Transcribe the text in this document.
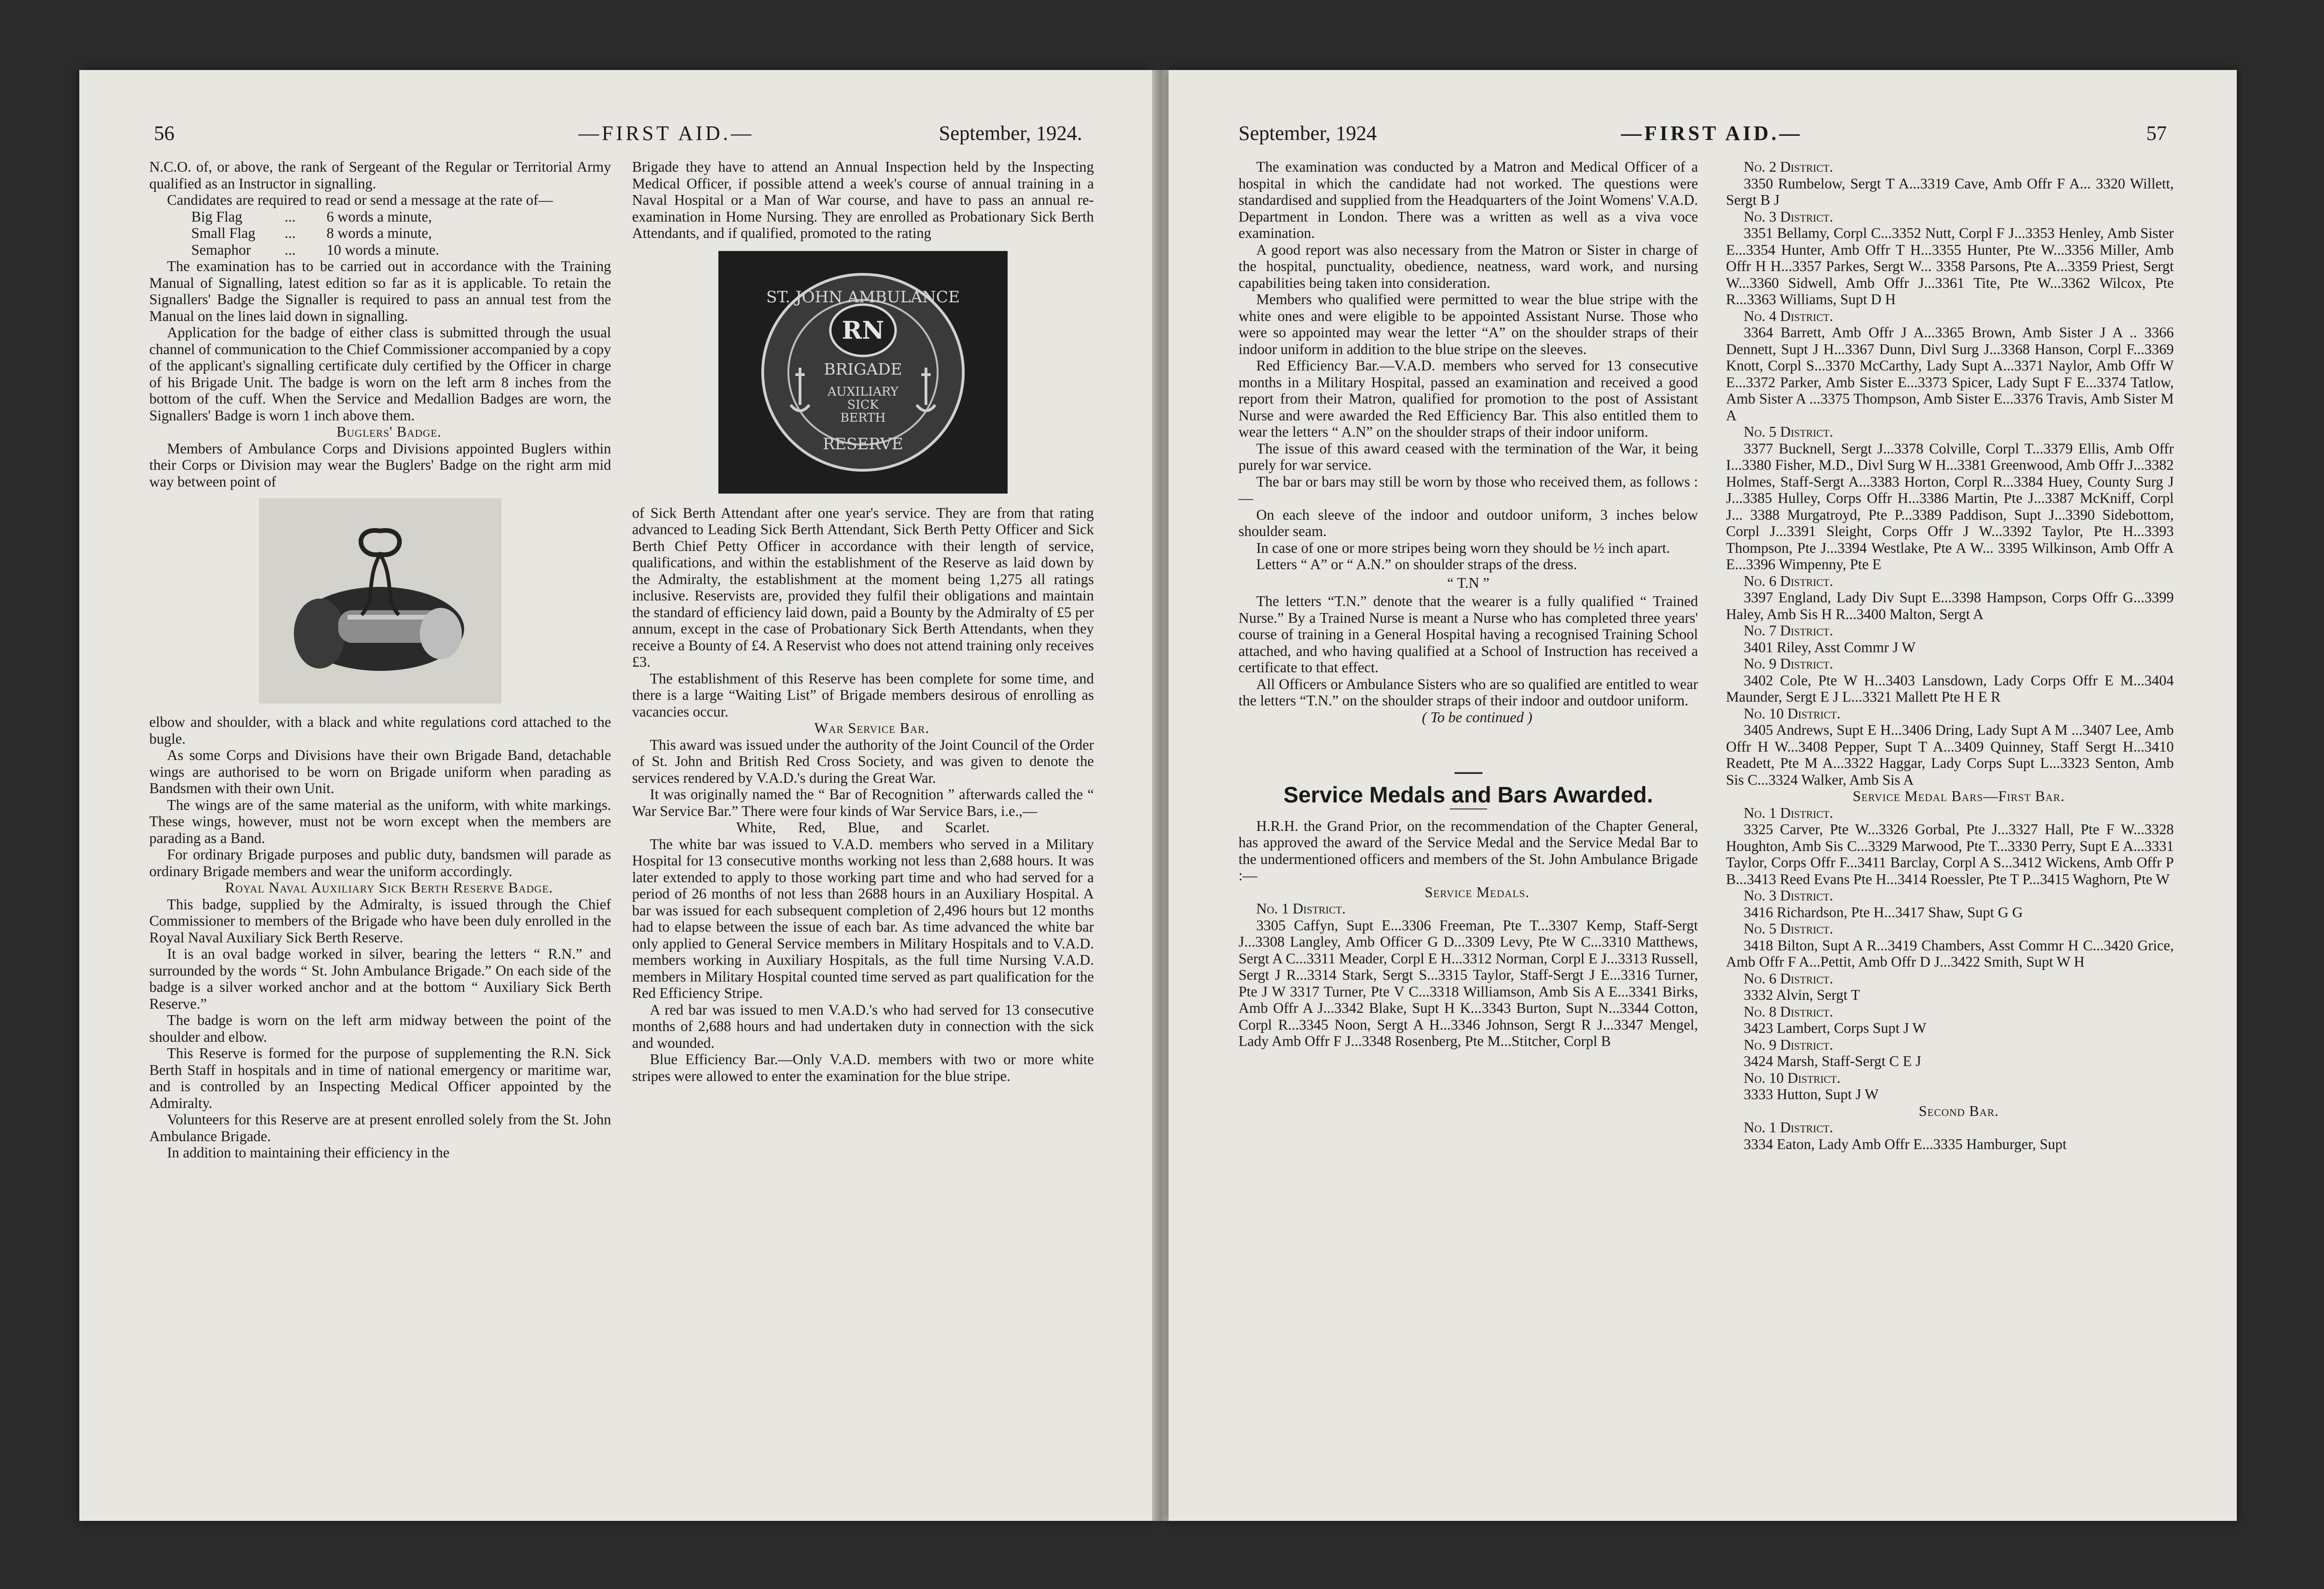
56	—FIRST AID.—	September, 1924.

N.C.O. of, or above, the rank of Sergeant of the Regular or Territorial Army qualified as an Instructor in signalling.

Candidates are required to read or send a message at the rate of—

Big Flag	...	6 words a minute,
Small Flag	...	8 words a minute,
Semaphor	...	10 words a minute.

The examination has to be carried out in accordance with the Training Manual of Signalling, latest edition so far as it is applicable. To retain the Signallers' Badge the Signaller is required to pass an annual test from the Manual on the lines laid down in signalling.

Application for the badge of either class is submitted through the usual channel of communication to the Chief Commissioner accompanied by a copy of the applicant's signalling certificate duly certified by the Officer in charge of his Brigade Unit. The badge is worn on the left arm 8 inches from the bottom of the cuff. When the Service and Medallion Badges are worn, the Signallers' Badge is worn 1 inch above them.

Buglers' Badge.

Members of Ambulance Corps and Divisions appointed Buglers within their Corps or Division may wear the Buglers' Badge on the right arm mid way between point of

elbow and shoulder, with a black and white regulations cord attached to the bugle.

As some Corps and Divisions have their own Brigade Band, detachable wings are authorised to be worn on Brigade uniform when parading as Bandsmen with their own Unit.

The wings are of the same material as the uniform, with white markings. These wings, however, must not be worn except when the members are parading as a Band.

For ordinary Brigade purposes and public duty, bandsmen will parade as ordinary Brigade members and wear the uniform accordingly.

Royal Naval Auxiliary Sick Berth Reserve Badge.

This badge, supplied by the Admiralty, is issued through the Chief Commissioner to members of the Brigade who have been duly enrolled in the Royal Naval Auxiliary Sick Berth Reserve.

It is an oval badge worked in silver, bearing the letters “ R.N.” and surrounded by the words “ St. John Ambulance Brigade.” On each side of the badge is a silver worked anchor and at the bottom “ Auxiliary Sick Berth Reserve.”

The badge is worn on the left arm midway between the point of the shoulder and elbow.

This Reserve is formed for the purpose of supplementing the R.N. Sick Berth Staff in hospitals and in time of national emergency or maritime war, and is controlled by an Inspecting Medical Officer appointed by the Admiralty.

Volunteers for this Reserve are at present enrolled solely from the St. John Ambulance Brigade.

In addition to maintaining their efficiency in the

Brigade they have to attend an Annual Inspection held by the Inspecting Medical Officer, if possible attend a week's course of annual training in a Naval Hospital or a Man of War course, and have to pass an annual re-examination in Home Nursing. They are enrolled as Probationary Sick Berth Attendants, and if qualified, promoted to the rating

ST. JOHN AMBULANCE
RN
BRIGADE
AUXILIARY
SICK
BERTH
RESERVE

of Sick Berth Attendant after one year's service. They are from that rating advanced to Leading Sick Berth Attendant, Sick Berth Petty Officer and Sick Berth Chief Petty Officer in accordance with their length of service, qualifications, and within the establishment of the Reserve as laid down by the Admiralty, the establishment at the moment being 1,275 all ratings inclusive. Reservists are, provided they fulfil their obligations and maintain the standard of efficiency laid down, paid a Bounty by the Admiralty of £5 per annum, except in the case of Probationary Sick Berth Attendants, when they receive a Bounty of £4. A Reservist who does not attend training only receives £3.

The establishment of this Reserve has been complete for some time, and there is a large “Waiting List” of Brigade members desirous of enrolling as vacancies occur.

War Service Bar.

This award was issued under the authority of the Joint Council of the Order of St. John and British Red Cross Society, and was given to denote the services rendered by V.A.D.'s during the Great War.

It was originally named the “ Bar of Recognition ” afterwards called the “ War Service Bar.” There were four kinds of War Service Bars, i.e.,—

White, Red, Blue, and Scarlet.

The white bar was issued to V.A.D. members who served in a Military Hospital for 13 consecutive months working not less than 2,688 hours. It was later extended to apply to those working part time and who had served for a period of 26 months of not less than 2688 hours in an Auxiliary Hospital. A bar was issued for each subsequent completion of 2,496 hours but 12 months had to elapse between the issue of each bar. As time advanced the white bar only applied to General Service members in Military Hospitals and to V.A.D. members working in Auxiliary Hospitals, as the full time Nursing V.A.D. members in Military Hospital counted time served as part qualification for the Red Efficiency Stripe.

A red bar was issued to men V.A.D.'s who had served for 13 consecutive months of 2,688 hours and had undertaken duty in connection with the sick and wounded.

Blue Efficiency Bar.—Only V.A.D. members with two or more white stripes were allowed to enter the examination for the blue stripe.

September, 1924	—FIRST AID.—	57

The examination was conducted by a Matron and Medical Officer of a hospital in which the candidate had not worked. The questions were standardised and supplied from the Headquarters of the Joint Womens' V.A.D. Department in London. There was a written as well as a viva voce examination.

A good report was also necessary from the Matron or Sister in charge of the hospital, punctuality, obedience, neatness, ward work, and nursing capabilities being taken into consideration.

Members who qualified were permitted to wear the blue stripe with the white ones and were eligible to be appointed Assistant Nurse. Those who were so appointed may wear the letter “A” on the shoulder straps of their indoor uniform in addition to the blue stripe on the sleeves.

Red Efficiency Bar.—V.A.D. members who served for 13 consecutive months in a Military Hospital, passed an examination and received a good report from their Matron, qualified for promotion to the post of Assistant Nurse and were awarded the Red Efficiency Bar. This also entitled them to wear the letters “ A.N” on the shoulder straps of their indoor uniform.

The issue of this award ceased with the termination of the War, it being purely for war service.

The bar or bars may still be worn by those who received them, as follows :—

On each sleeve of the indoor and outdoor uniform, 3 inches below shoulder seam.

In case of one or more stripes being worn they should be ½ inch apart.

Letters “ A” or “ A.N.” on shoulder straps of the dress.

“ T.N ”

The letters “T.N.” denote that the wearer is a fully qualified “ Trained Nurse.” By a Trained Nurse is meant a Nurse who has completed three years' course of training in a General Hospital having a recognised Training School attached, and who having qualified at a School of Instruction has received a certificate to that effect.

All Officers or Ambulance Sisters who are so qualified are entitled to wear the letters “T.N.” on the shoulder straps of their indoor and outdoor uniform.

( To be continued )

Service Medals and Bars Awarded.

H.R.H. the Grand Prior, on the recommendation of the Chapter General, has approved the award of the Service Medal and the Service Medal Bar to the undermentioned officers and members of the St. John Ambulance Brigade :—

Service Medals.

No. 1 District.

3305 Caffyn, Supt E...3306 Freeman, Pte T...3307 Kemp, Staff-Sergt J...3308 Langley, Amb Officer G D...3309 Levy, Pte W C...3310 Matthews, Sergt A C...3311 Meader, Corpl E H...3312 Norman, Corpl E J...3313 Russell, Sergt J R...3314 Stark, Sergt S...3315 Taylor, Staff-Sergt J E...3316 Turner, Pte J W 3317 Turner, Pte V C...3318 Williamson, Amb Sis A E...3341 Birks, Amb Offr A J...3342 Blake, Supt H K...3343 Burton, Supt N...3344 Cotton, Corpl R...3345 Noon, Sergt A H...3346 Johnson, Sergt R J...3347 Mengel, Lady Amb Offr F J...3348 Rosenberg, Pte M...Stitcher, Corpl B

No. 2 District.

3350 Rumbelow, Sergt T A...3319 Cave, Amb Offr F A... 3320 Willett, Sergt B J

No. 3 District.

3351 Bellamy, Corpl C...3352 Nutt, Corpl F J...3353 Henley, Amb Sister E...3354 Hunter, Amb Offr T H...3355 Hunter, Pte W...3356 Miller, Amb Offr H H...3357 Parkes, Sergt W... 3358 Parsons, Pte A...3359 Priest, Sergt W...3360 Sidwell, Amb Offr J...3361 Tite, Pte W...3362 Wilcox, Pte R...3363 Williams, Supt D H

No. 4 District.

3364 Barrett, Amb Offr J A...3365 Brown, Amb Sister J A .. 3366 Dennett, Supt J H...3367 Dunn, Divl Surg J...3368 Hanson, Corpl F...3369 Knott, Corpl S...3370 McCarthy, Lady Supt A...3371 Naylor, Amb Offr W E...3372 Parker, Amb Sister E...3373 Spicer, Lady Supt F E...3374 Tatlow, Amb Sister A ...3375 Thompson, Amb Sister E...3376 Travis, Amb Sister M A

No. 5 District.

3377 Bucknell, Sergt J...3378 Colville, Corpl T...3379 Ellis, Amb Offr I...3380 Fisher, M.D., Divl Surg W H...3381 Greenwood, Amb Offr J...3382 Holmes, Staff-Sergt A...3383 Horton, Corpl R...3384 Huey, County Surg J J...3385 Hulley, Corps Offr H...3386 Martin, Pte J...3387 McKniff, Corpl J... 3388 Murgatroyd, Pte P...3389 Paddison, Supt J...3390 Sidebottom, Corpl J...3391 Sleight, Corps Offr J W...3392 Taylor, Pte H...3393 Thompson, Pte J...3394 Westlake, Pte A W... 3395 Wilkinson, Amb Offr A E...3396 Wimpenny, Pte E

No. 6 District.

3397 England, Lady Div Supt E...3398 Hampson, Corps Offr G...3399 Haley, Amb Sis H R...3400 Malton, Sergt A

No. 7 District.

3401 Riley, Asst Commr J W

No. 9 District.

3402 Cole, Pte W H...3403 Lansdown, Lady Corps Offr E M...3404 Maunder, Sergt E J L...3321 Mallett Pte H E R

No. 10 District.

3405 Andrews, Supt E H...3406 Dring, Lady Supt A M ...3407 Lee, Amb Offr H W...3408 Pepper, Supt T A...3409 Quinney, Staff Sergt H...3410 Readett, Pte M A...3322 Haggar, Lady Corps Supt L...3323 Senton, Amb Sis C...3324 Walker, Amb Sis A

Service Medal Bars—First Bar.

No. 1 District.

3325 Carver, Pte W...3326 Gorbal, Pte J...3327 Hall, Pte F W...3328 Houghton, Amb Sis C...3329 Marwood, Pte T...3330 Perry, Supt E A...3331 Taylor, Corps Offr F...3411 Barclay, Corpl A S...3412 Wickens, Amb Offr P B...3413 Reed Evans Pte H...3414 Roessler, Pte T P...3415 Waghorn, Pte W

No. 3 District.

3416 Richardson, Pte H...3417 Shaw, Supt G G

No. 5 District.

3418 Bilton, Supt A R...3419 Chambers, Asst Commr H C...3420 Grice, Amb Offr F A...Pettit, Amb Offr D J...3422 Smith, Supt W H

No. 6 District.

3332 Alvin, Sergt T

No. 8 District.

3423 Lambert, Corps Supt J W

No. 9 District.

3424 Marsh, Staff-Sergt C E J

No. 10 District.

3333 Hutton, Supt J W

Second Bar.

No. 1 District.

3334 Eaton, Lady Amb Offr E...3335 Hamburger, Supt
